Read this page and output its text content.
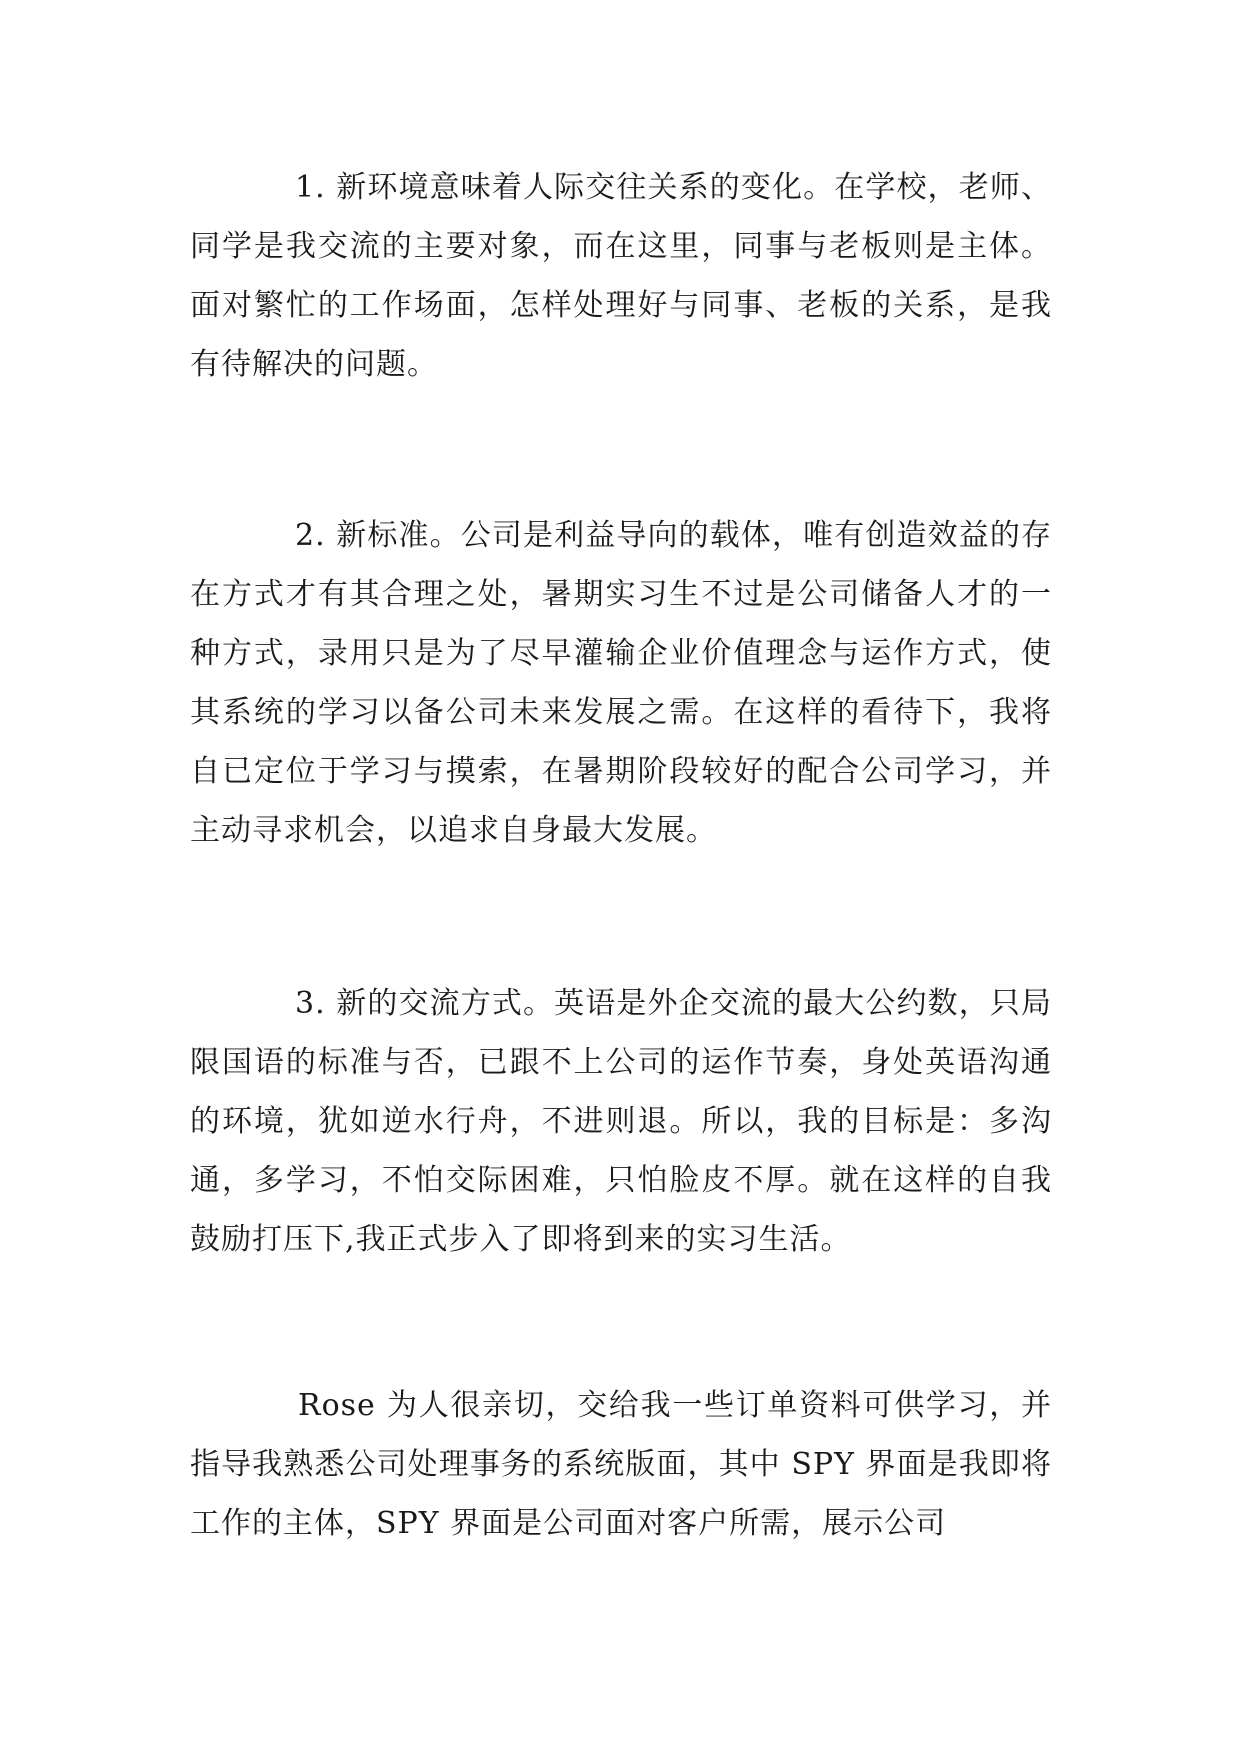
1. 新环境意味着人际交往关系的变化。在学校，老师、同学是我交流的主要对象，而在这里，同事与老板则是主体。面对繁忙的工作场面，怎样处理好与同事、老板的关系，是我有待解决的问题。

2. 新标准。公司是利益导向的载体，唯有创造效益的存在方式才有其合理之处，暑期实习生不过是公司储备人才的一种方式，录用只是为了尽早灌输企业价值理念与运作方式，使其系统的学习以备公司未来发展之需。在这样的看待下，我将自已定位于学习与摸索，在暑期阶段较好的配合公司学习，并主动寻求机会，以追求自身最大发展。

3. 新的交流方式。英语是外企交流的最大公约数，只局限国语的标准与否，已跟不上公司的运作节奏，身处英语沟通的环境，犹如逆水行舟，不进则退。所以，我的目标是：多沟通，多学习，不怕交际困难，只怕脸皮不厚。就在这样的自我鼓励打压下,我正式步入了即将到来的实习生活。

Rose 为人很亲切，交给我一些订单资料可供学习，并指导我熟悉公司处理事务的系统版面，其中 SPY 界面是我即将工作的主体，SPY 界面是公司面对客户所需，展示公司
